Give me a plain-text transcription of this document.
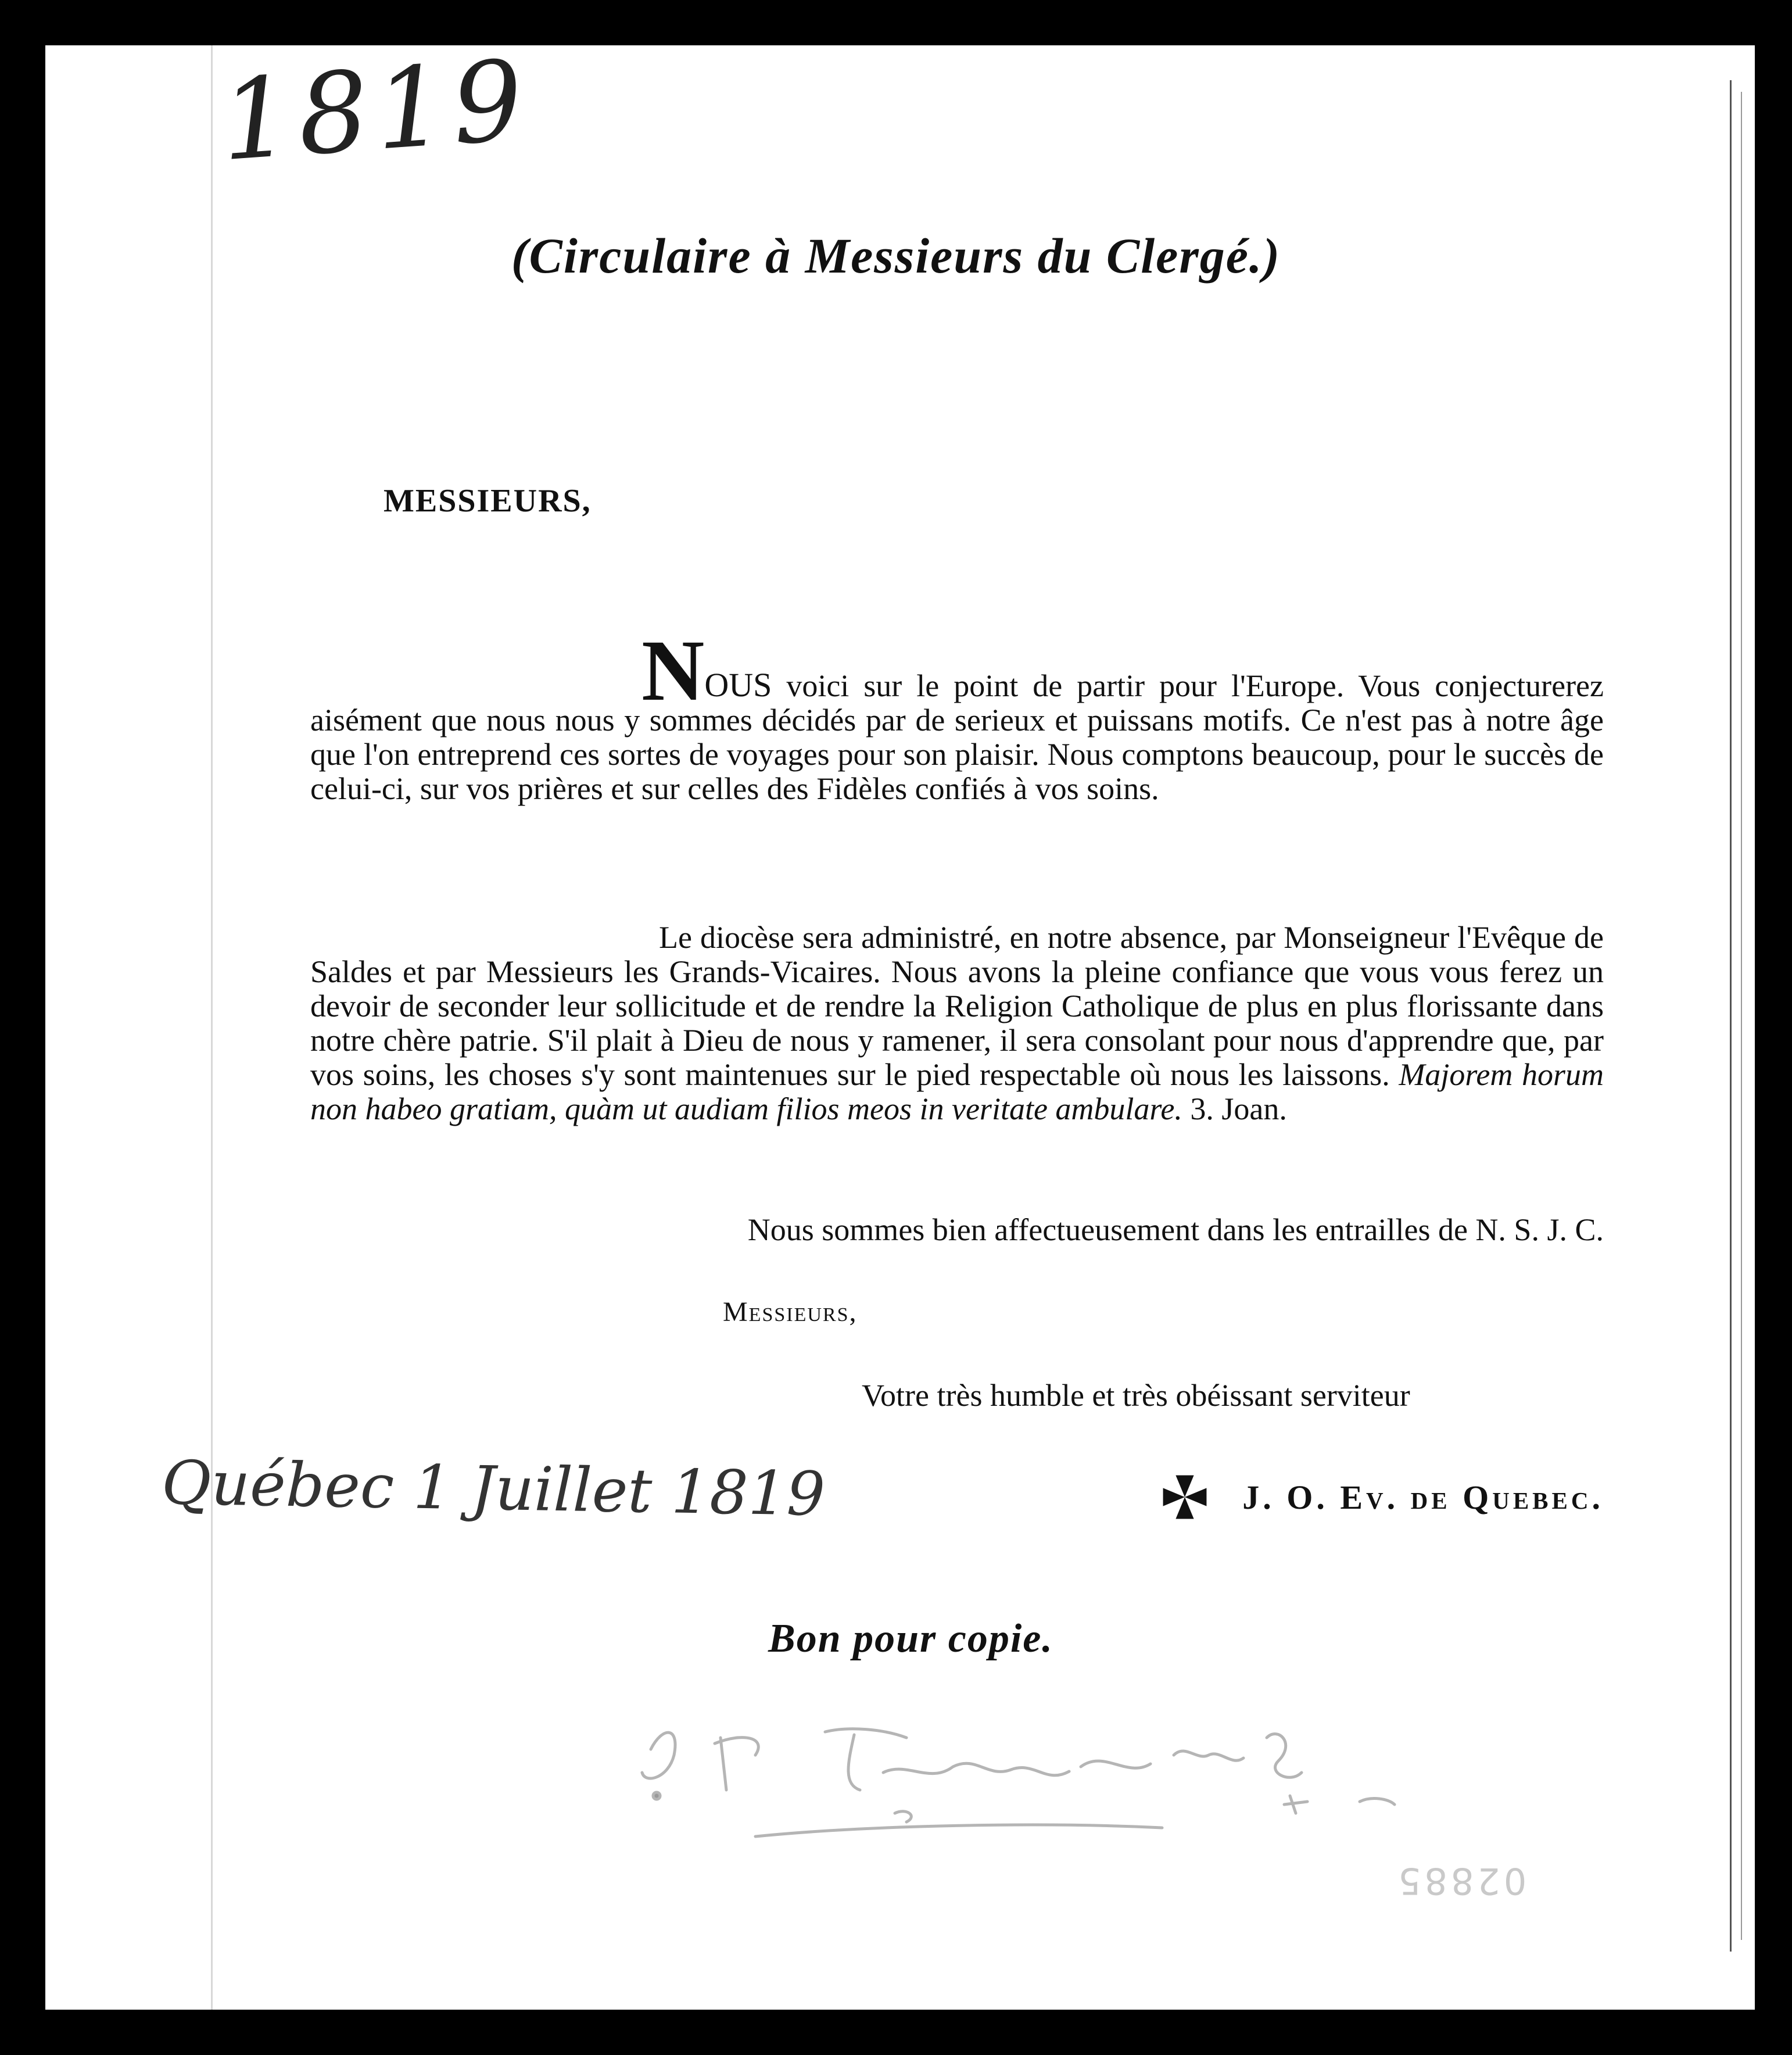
1819
(Circulaire à Messieurs du Clergé.)
MESSIEURS,
NOUS voici sur le point de partir pour l'Europe. Vous conjecturerez aisément que nous nous y sommes décidés par de serieux et puissans motifs. Ce n'est pas à notre âge que l'on entreprend ces sortes de voyages pour son plaisir. Nous comptons beaucoup, pour le succès de celui-ci, sur vos prières et sur celles des Fidèles confiés à vos soins.
Le diocèse sera administré, en notre absence, par Monseigneur l'Evêque de Saldes et par Messieurs les Grands-Vicaires. Nous avons la pleine confiance que vous vous ferez un devoir de seconder leur sollicitude et de rendre la Religion Catholique de plus en plus florissante dans notre chère patrie. S'il plait à Dieu de nous y ramener, il sera consolant pour nous d'apprendre que, par vos soins, les choses s'y sont maintenues sur le pied respectable où nous les laissons. Majorem horum non habeo gratiam, quàm ut audiam filios meos in veritate ambulare. 3. Joan.
Nous sommes bien affectueusement dans les entrailles de N. S. J. C.
Messieurs,
Votre très humble et très obéissant serviteur
Québec 1 Juillet 1819	J. O. Ev. de Quebec.
Bon pour copie.
02885
